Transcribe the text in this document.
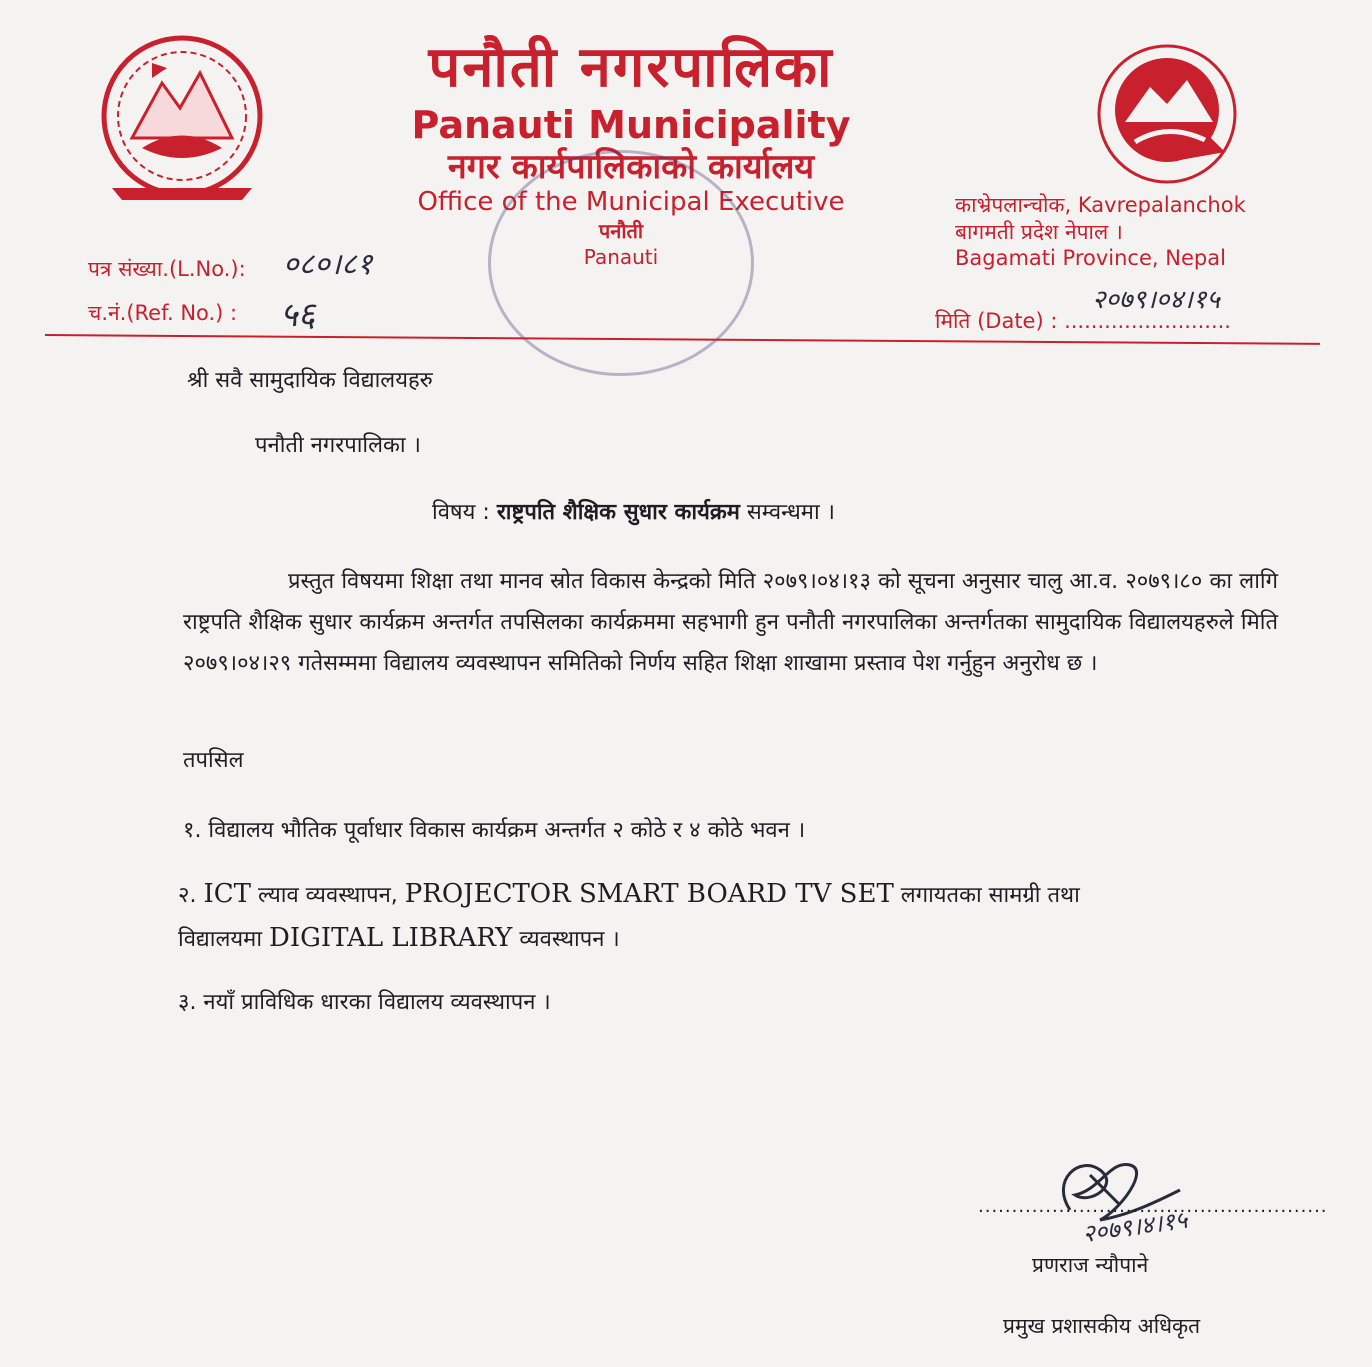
पनौती नगरपालिका
Panauti Municipality
नगर कार्यपालिकाको कार्यालय
Office of the Municipal Executive	काभ्रेपलान्चोक, Kavrepalanchok
बागमती प्रदेश नेपाल ।
Bagamati Province, Nepal
पनौती
Panauti
पत्र संख्या.(L.No.): ०८०।८१
च.नं.(Ref. No.) : ५६	मिति (Date) : .........................
२०७९।०४।१५
श्री सवै सामुदायिक विद्यालयहरु
पनौती नगरपालिका ।
विषय : राष्ट्रपति शैक्षिक सुधार कार्यक्रम सम्वन्धमा ।
प्रस्तुत विषयमा शिक्षा तथा मानव स्रोत विकास केन्द्रको मिति २०७९।०४।१३ को सूचना अनुसार चालु आ.व. २०७९।८० का लागि राष्ट्रपति शैक्षिक सुधार कार्यक्रम अन्तर्गत तपसिलका कार्यक्रममा सहभागी हुन पनौती नगरपालिका अन्तर्गतका सामुदायिक विद्यालयहरुले मिति २०७९।०४।२९ गतेसम्ममा विद्यालय व्यवस्थापन समितिको निर्णय सहित शिक्षा शाखामा प्रस्ताव पेश गर्नुहुन अनुरोध छ ।
तपसिल
१. विद्यालय भौतिक पूर्वाधार विकास कार्यक्रम अन्तर्गत २ कोठे र ४ कोठे भवन ।
२. ICT ल्याव व्यवस्थापन, PROJECTOR SMART BOARD TV SET लगायतका सामग्री तथा
विद्यालयमा DIGITAL LIBRARY व्यवस्थापन ।
३. नयाँ प्राविधिक धारका विद्यालय व्यवस्थापन ।
....................................................
२०७९।४।१५
प्रणराज न्यौपाने
प्रमुख प्रशासकीय अधिकृत
